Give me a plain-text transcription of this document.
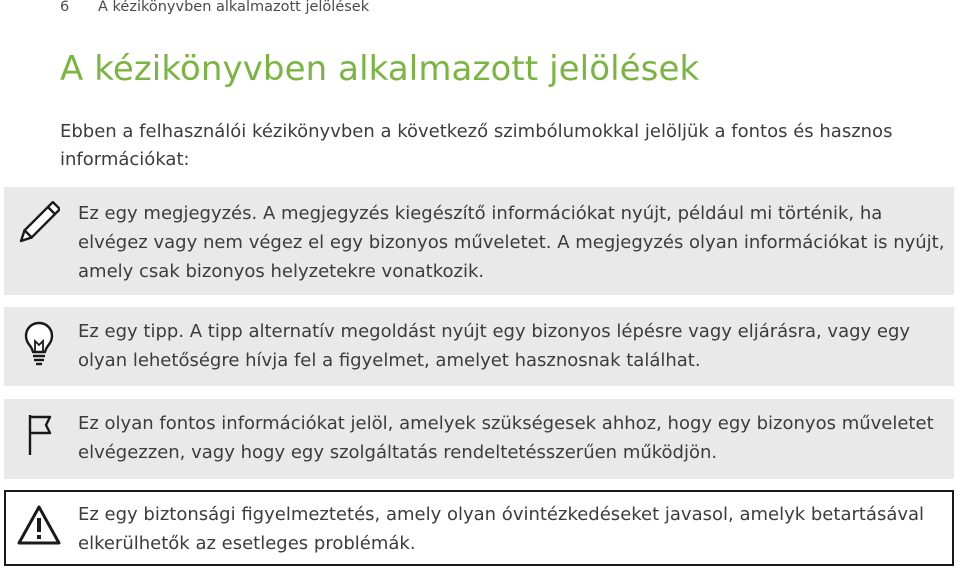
6 A kézikönyvben alkalmazott jelölések
A kézikönyvben alkalmazott jelölések
Ebben a felhasználói kézikönyvben a következő szimbólumokkal jelöljük a fontos és hasznos információkat:
Ez egy megjegyzés. A megjegyzés kiegészítő információkat nyújt, például mi történik, ha elvégez vagy nem végez el egy bizonyos műveletet. A megjegyzés olyan információkat is nyújt, amely csak bizonyos helyzetekre vonatkozik.
Ez egy tipp. A tipp alternatív megoldást nyújt egy bizonyos lépésre vagy eljárásra, vagy egy olyan lehetőségre hívja fel a figyelmet, amelyet hasznosnak találhat.
Ez olyan fontos információkat jelöl, amelyek szükségesek ahhoz, hogy egy bizonyos műveletet elvégezzen, vagy hogy egy szolgáltatás rendeltetésszerűen működjön.
Ez egy biztonsági figyelmeztetés, amely olyan óvintézkedéseket javasol, amelyk betartásával elkerülhetők az esetleges problémák.
